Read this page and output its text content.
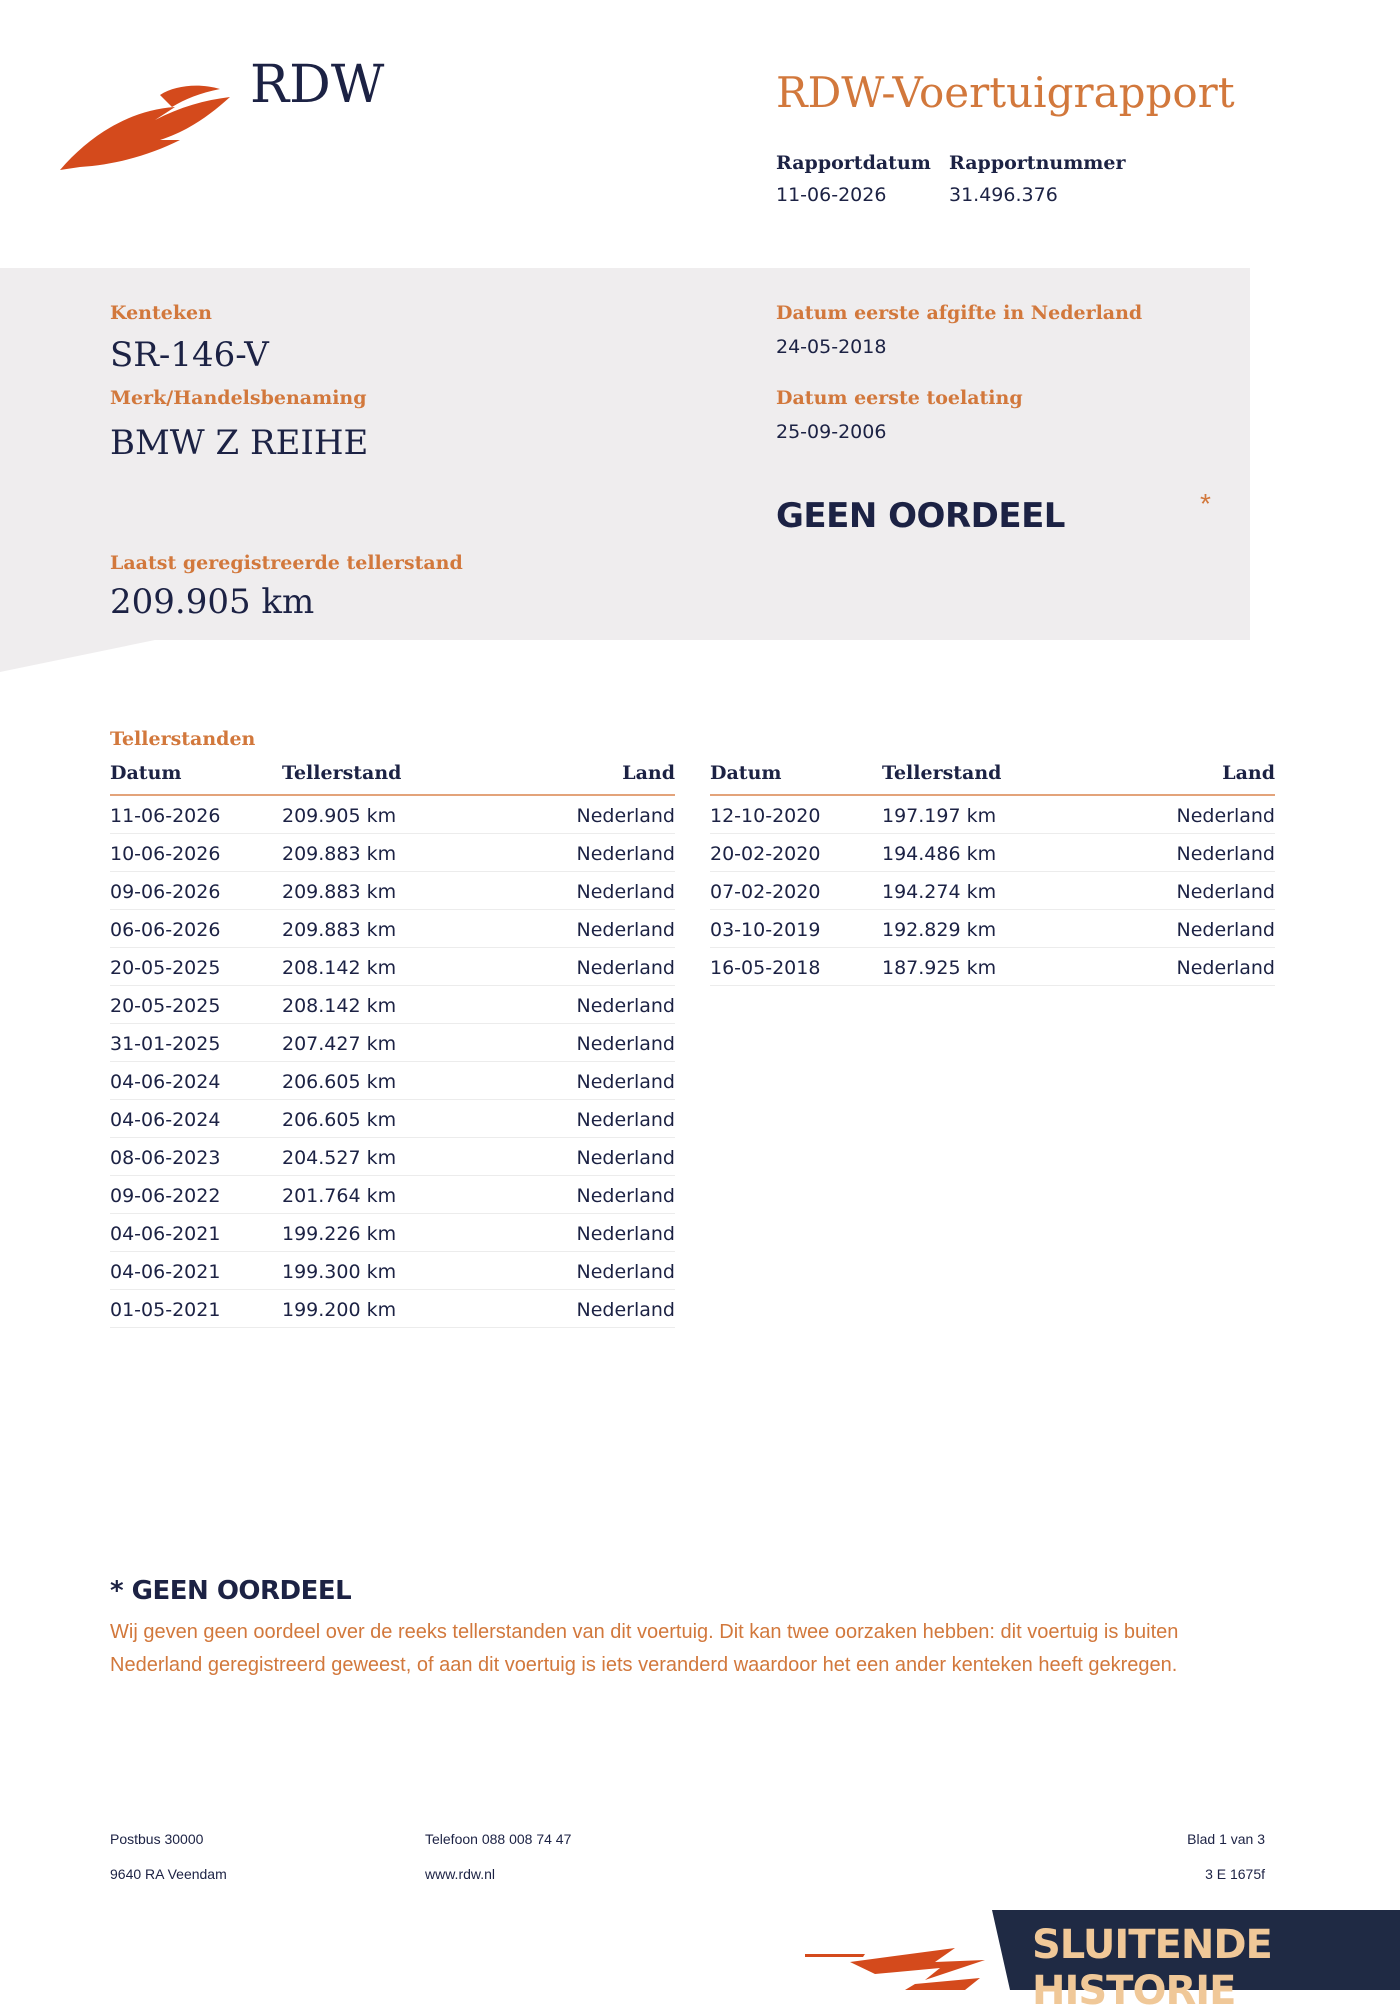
RDW	RDW-Voertuigrapport
Rapportdatum Rapportnummer
11-06-2026	31.496.376
Kenteken
SR-146-V
Merk/Handelsbenaming
BMW Z REIHE
Laatst geregistreerde tellerstand
209.905 km
Datum eerste afgifte in Nederland
24-05-2018
Datum eerste toelating
25-09-2006
GEEN OORDEEL	*
Tellerstanden
Datum	Tellerstand	Land
11-06-2026	209.905 km	Nederland
10-06-2026	209.883 km	Nederland
09-06-2026	209.883 km	Nederland
06-06-2026	209.883 km	Nederland
20-05-2025	208.142 km	Nederland
20-05-2025	208.142 km	Nederland
31-01-2025	207.427 km	Nederland
04-06-2024	206.605 km	Nederland
04-06-2024	206.605 km	Nederland
08-06-2023	204.527 km	Nederland
09-06-2022	201.764 km	Nederland
04-06-2021	199.226 km	Nederland
04-06-2021	199.300 km	Nederland
01-05-2021	199.200 km	Nederland
Datum	Tellerstand	Land
12-10-2020	197.197 km	Nederland
20-02-2020	194.486 km	Nederland
07-02-2020	194.274 km	Nederland
03-10-2019	192.829 km	Nederland
16-05-2018	187.925 km	Nederland
* GEEN OORDEEL
Wij geven geen oordeel over de reeks tellerstanden van dit voertuig. Dit kan twee oorzaken hebben: dit voertuig is buiten Nederland geregistreerd geweest, of aan dit voertuig is iets veranderd waardoor het een ander kenteken heeft gekregen.
Postbus 30000
9640 RA Veendam
Telefoon 088 008 74 47
www.rdw.nl
Blad 1 van 3
3 E 1675f
SLUITENDE HISTORIE
